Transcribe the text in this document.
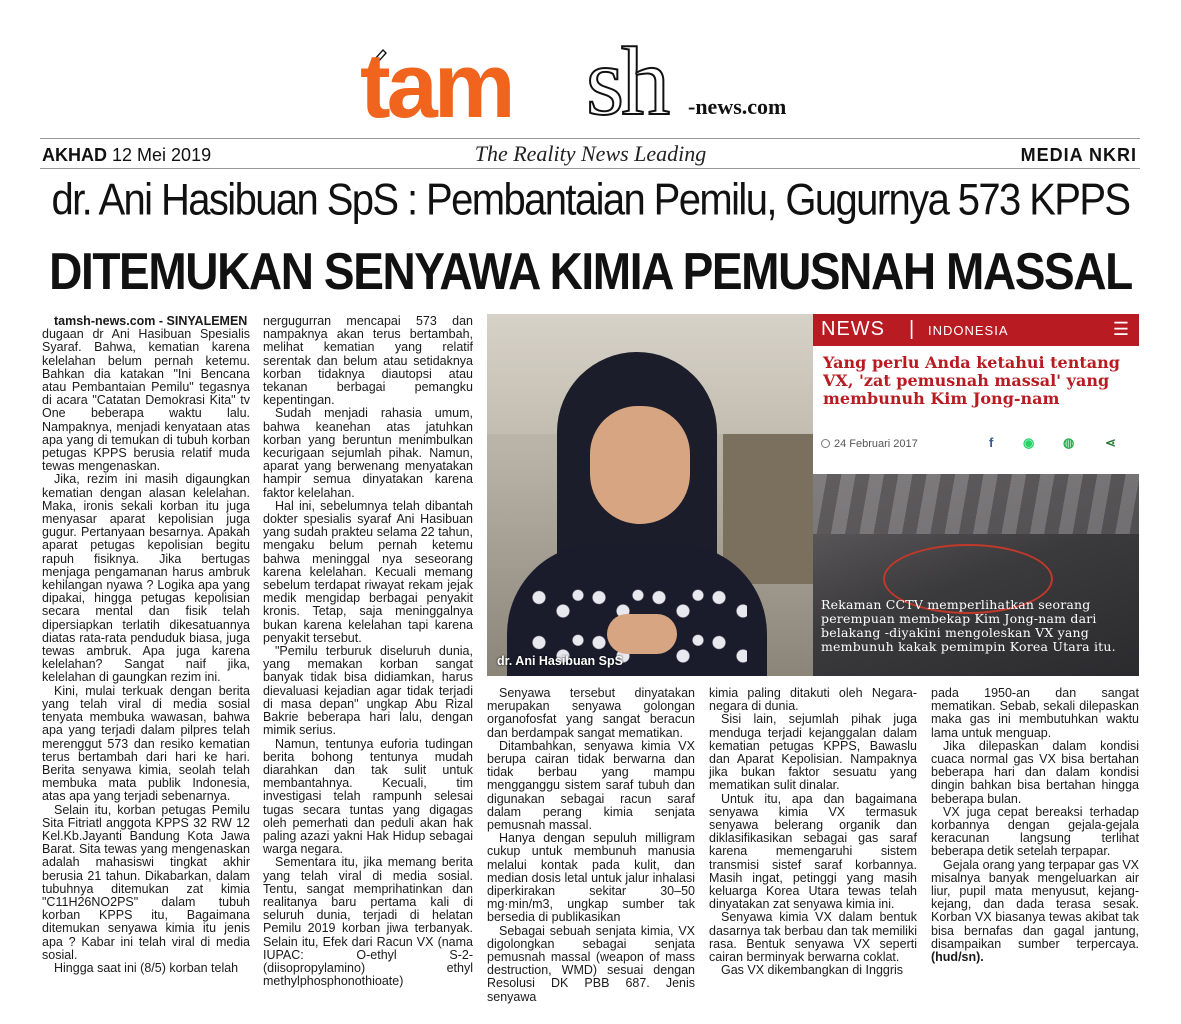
tam sh -news.com
AKHAD 12 Mei 2019	The Reality News Leading	MEDIA NKRI
dr. Ani Hasibuan SpS : Pembantaian Pemilu, Gugurnya 573 KPPS
DITEMUKAN SENYAWA KIMIA PEMUSNAH MASSAL

tamsh-news.com - SINYALEMEN

dugaan dr Ani Hasibuan Spesialis Syaraf. Bahwa, kematian karena kelelahan belum pernah ketemu. Bahkan dia katakan "Ini Bencana atau Pembantaian Pemilu" tegasnya di acara "Catatan Demokrasi Kita" tv One beberapa waktu lalu. Nampaknya, menjadi kenyataan atas apa yang di temukan di tubuh korban petugas KPPS berusia relatif muda tewas mengenaskan.

Jika, rezim ini masih digaungkan kematian dengan alasan kelelahan. Maka, ironis sekali korban itu juga menyasar aparat kepolisian juga gugur. Pertanyaan besarnya. Apakah aparat petugas kepolisian begitu rapuh fisiknya. Jika bertugas menjaga pengamanan harus ambruk kehilangan nyawa ? Logika apa yang dipakai, hingga petugas kepolisian secara mental dan fisik telah dipersiapkan terlatih dikesatuannya diatas rata-rata penduduk biasa, juga tewas ambruk. Apa juga karena kelelahan? Sangat naif jika, kelelahan di gaungkan rezim ini.

Kini, mulai terkuak dengan berita yang telah viral di media sosial tenyata membuka wawasan, bahwa apa yang terjadi dalam pilpres telah merenggut 573 dan resiko kematian terus bertambah dari hari ke hari. Berita senyawa kimia, seolah telah membuka mata publik Indonesia, atas apa yang terjadi sebenarnya.

Selain itu, korban petugas Pemilu Sita Fitriatl anggota KPPS 32 RW 12 Kel.Kb.Jayanti Bandung Kota Jawa Barat. Sita tewas yang mengenaskan adalah mahasiswi tingkat akhir berusia 21 tahun. Dikabarkan, dalam tubuhnya ditemukan zat kimia "C11H26NO2PS" dalam tubuh korban KPPS itu, Bagaimana ditemukan senyawa kimia itu jenis apa ? Kabar ini telah viral di media sosial.

Hingga saat ini (8/5) korban telah

nergugurran mencapai 573 dan nampaknya akan terus bertambah, melihat kematian yang relatif serentak dan belum atau setidaknya korban tidaknya diautopsi atau tekanan berbagai pemangku kepentingan.

Sudah menjadi rahasia umum, bahwa keanehan atas jatuhkan korban yang beruntun menimbulkan kecurigaan sejumlah pihak. Namun, aparat yang berwenang menyatakan hampir semua dinyatakan karena faktor kelelahan.

Hal ini, sebelumnya telah dibantah dokter spesialis syaraf Ani Hasibuan yang sudah prakteu selama 22 tahun, mengaku belum pernah ketemu bahwa meninggal nya seseorang karena kelelahan. Kecuali memang sebelum terdapat riwayat rekam jejak medik mengidap berbagai penyakit kronis. Tetap, saja meninggalnya bukan karena kelelahan tapi karena penyakit tersebut.

"Pemilu terburuk diseluruh dunia, yang memakan korban sangat banyak tidak bisa didiamkan, harus dievaluasi kejadian agar tidak terjadi di masa depan" ungkap Abu Rizal Bakrie beberapa hari lalu, dengan mimik serius.

Namun, tentunya euforia tudingan berita bohong tentunya mudah diarahkan dan tak sulit untuk membantahnya. Kecuali, tim investigasi telah rampunh selesai tugas secara tuntas yang digagas oleh pemerhati dan peduli akan hak paling azazi yakni Hak Hidup sebagai warga negara.

Sementara itu, jika memang berita yang telah viral di media sosial. Tentu, sangat memprihatinkan dan realitanya baru pertama kali di seluruh dunia, terjadi di helatan Pemilu 2019 korban jiwa terbanyak. Selain itu, Efek dari Racun VX (nama IUPAC: O-ethyl S-2-(diisopropylamino) ethyl methylphosphonothioate)

dr. Ani Hasibuan SpS
NEWS | INDONESIA	☰
Yang perlu Anda ketahui tentang VX, 'zat pemusnah massal' yang membunuh Kim Jong-nam
24 Februari 2017	f ◉ ◍ ⋖
Rekaman CCTV memperlihatkan seorang perempuan membekap Kim Jong-nam dari belakang -diyakini mengoleskan VX yang membunuh kakak pemimpin Korea Utara itu.

Senyawa tersebut dinyatakan merupakan senyawa golongan organofosfat yang sangat beracun dan berdampak sangat mematikan.

Ditambahkan, senyawa kimia VX berupa cairan tidak berwarna dan tidak berbau yang mampu mengganggu sistem saraf tubuh dan digunakan sebagai racun saraf dalam perang kimia senjata pemusnah massal.

Hanya dengan sepuluh milligram cukup untuk membunuh manusia melalui kontak pada kulit, dan median dosis letal untuk jalur inhalasi diperkirakan sekitar 30–50 mg·min/m3, ungkap sumber tak bersedia di publikasikan

Sebagai sebuah senjata kimia, VX digolongkan sebagai senjata pemusnah massal (weapon of mass destruction, WMD) sesuai dengan Resolusi DK PBB 687. Jenis senyawa

kimia paling ditakuti oleh Negara-negara di dunia.

Sisi lain, sejumlah pihak juga menduga terjadi kejanggalan dalam kematian petugas KPPS, Bawaslu dan Aparat Kepolisian. Nampaknya jika bukan faktor sesuatu yang mematikan sulit dinalar.

Untuk itu, apa dan bagaimana senyawa kimia VX termasuk senyawa belerang organik dan diklasifikasikan sebagai gas saraf karena memengaruhi sistem transmisi sistef saraf korbannya. Masih ingat, petinggi yang masih keluarga Korea Utara tewas telah dinyatakan zat senyawa kimia ini.

Senyawa kimia VX dalam bentuk dasarnya tak berbau dan tak memiliki rasa. Bentuk senyawa VX seperti cairan berminyak berwarna coklat.

Gas VX dikembangkan di Inggris

pada 1950-an dan sangat mematikan. Sebab, sekali dilepaskan maka gas ini membutuhkan waktu lama untuk menguap.

Jika dilepaskan dalam kondisi cuaca normal gas VX bisa bertahan beberapa hari dan dalam kondisi dingin bahkan bisa bertahan hingga beberapa bulan.

VX juga cepat bereaksi terhadap korbannya dengan gejala-gejala keracunan langsung terlihat beberapa detik setelah terpapar.

Gejala orang yang terpapar gas VX misalnya banyak mengeluarkan air liur, pupil mata menyusut, kejang-kejang, dan dada terasa sesak. Korban VX biasanya tewas akibat tak bisa bernafas dan gagal jantung, disampaikan sumber terpercaya.(hud/sn).
